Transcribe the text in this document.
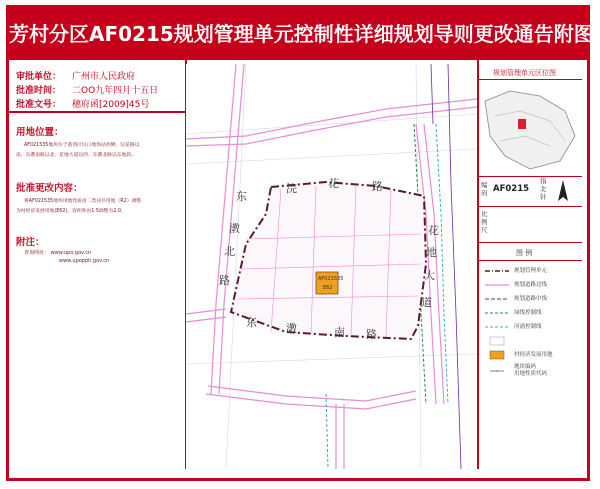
芳村分区AF0215规划管理单元控制性详细规划导则更改通告附图
审批单位： 广州市人民政府
批准时间： 二OO九年四月十五日
批准文号： 穗府函[2009]45号
用地位置：
AF021535地块位于荔湾区坑口地铁站西侧，浣花路以
南、东漖南路以北、花地大道以西、东漖北路以东地段。
批准更改内容：
将AF021535地块用地性质由二类居住用地（R2）调整
为村经济发展用地(E62)，容积率由1.5调整为2.0。
附注：
查询网址： www.upo.gov.cn
www.upopph.gov.cn
AF021535
E62
浣	花	路
东
漖
北
路
东	漖	南 路
花
地
大
道
规划管理单元区位图
编
码 AF0215
指
北
针
比
例
尺
图 例
规划管理单元
规划道路边线
规划道路中线
绿线控制线
河涌控制线
村经济发展用地
地块编码
用地性质代码
